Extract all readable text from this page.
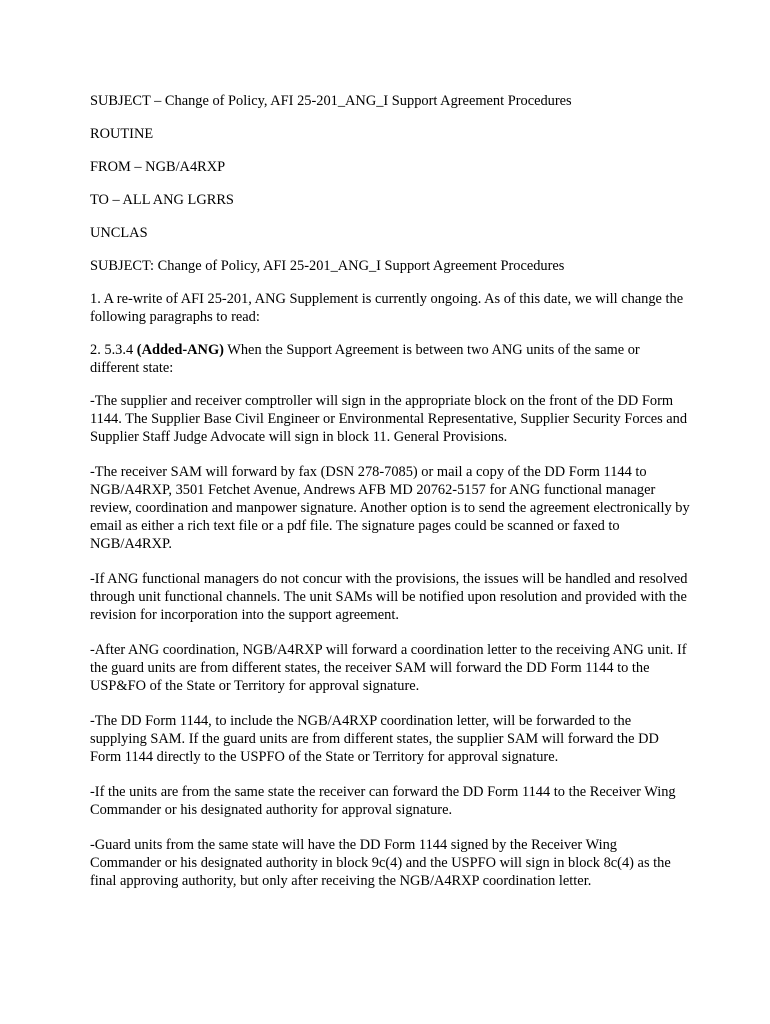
SUBJECT – Change of Policy, AFI 25-201_ANG_I Support Agreement Procedures

ROUTINE

FROM – NGB/A4RXP

TO – ALL ANG LGRRS

UNCLAS

SUBJECT: Change of Policy, AFI 25-201_ANG_I Support Agreement Procedures

1. A re-write of AFI 25-201, ANG Supplement is currently ongoing. As of this date, we will change the following paragraphs to read:

2. 5.3.4 (Added-ANG) When the Support Agreement is between two ANG units of the same or different state:

-The supplier and receiver comptroller will sign in the appropriate block on the front of the DD Form 1144. The Supplier Base Civil Engineer or Environmental Representative, Supplier Security Forces and Supplier Staff Judge Advocate will sign in block 11. General Provisions.

-The receiver SAM will forward by fax (DSN 278-7085) or mail a copy of the DD Form 1144 to NGB/A4RXP, 3501 Fetchet Avenue, Andrews AFB MD 20762-5157 for ANG functional manager review, coordination and manpower signature. Another option is to send the agreement electronically by email as either a rich text file or a pdf file. The signature pages could be scanned or faxed to NGB/A4RXP.

-If ANG functional managers do not concur with the provisions, the issues will be handled and resolved through unit functional channels. The unit SAMs will be notified upon resolution and provided with the revision for incorporation into the support agreement.

-After ANG coordination, NGB/A4RXP will forward a coordination letter to the receiving ANG unit. If the guard units are from different states, the receiver SAM will forward the DD Form 1144 to the USP&FO of the State or Territory for approval signature.

-The DD Form 1144, to include the NGB/A4RXP coordination letter, will be forwarded to the supplying SAM. If the guard units are from different states, the supplier SAM will forward the DD Form 1144 directly to the USPFO of the State or Territory for approval signature.

-If the units are from the same state the receiver can forward the DD Form 1144 to the Receiver Wing Commander or his designated authority for approval signature.

-Guard units from the same state will have the DD Form 1144 signed by the Receiver Wing Commander or his designated authority in block 9c(4) and the USPFO will sign in block 8c(4) as the final approving authority, but only after receiving the NGB/A4RXP coordination letter.
